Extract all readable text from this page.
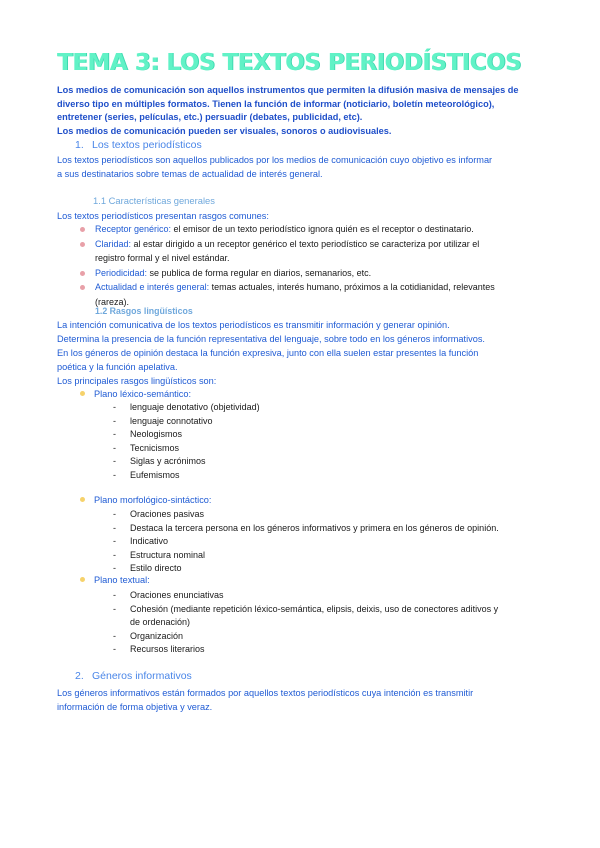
TEMA 3: LOS TEXTOS PERIODÍSTICOS
Los medios de comunicación son aquellos instrumentos que permiten la difusión masiva de mensajes de
diverso tipo en múltiples formatos. Tienen la función de informar (noticiario, boletín meteorológico),
entretener (series, películas, etc.) persuadir (debates, publicidad, etc).
Los medios de comunicación pueden ser visuales, sonoros o audiovisuales.
1. Los textos periodísticos
Los textos periodísticos son aquellos publicados por los medios de comunicación cuyo objetivo es informar
a sus destinatarios sobre temas de actualidad de interés general.
1.1 Características generales
Los textos periodísticos presentan rasgos comunes:
Receptor genérico: el emisor de un texto periodístico ignora quién es el receptor o destinatario.
Claridad: al estar dirigido a un receptor genérico el texto periodístico se caracteriza por utilizar el
registro formal y el nivel estándar.
Periodicidad: se publica de forma regular en diarios, semanarios, etc.
Actualidad e interés general: temas actuales, interés humano, próximos a la cotidianidad, relevantes
(rareza).
1.2 Rasgos lingüísticos
La intención comunicativa de los textos periodísticos es transmitir información y generar opinión.
Determina la presencia de la función representativa del lenguaje, sobre todo en los géneros informativos.
En los géneros de opinión destaca la función expresiva, junto con ella suelen estar presentes la función
poética y la función apelativa.
Los principales rasgos lingüísticos son:
Plano léxico-semántico:
- lenguaje denotativo (objetividad)
- lenguaje connotativo
- Neologismos
- Tecnicismos
- Siglas y acrónimos
- Eufemismos
Plano morfológico-sintáctico:
- Oraciones pasivas
- Destaca la tercera persona en los géneros informativos y primera en los géneros de opinión.
- Indicativo
- Estructura nominal
- Estilo directo
Plano textual:
- Oraciones enunciativas
- Cohesión (mediante repetición léxico-semántica, elipsis, deixis, uso de conectores aditivos y
de ordenación)
- Organización
- Recursos literarios
2. Géneros informativos
Los géneros informativos están formados por aquellos textos periodísticos cuya intención es transmitir
información de forma objetiva y veraz.
